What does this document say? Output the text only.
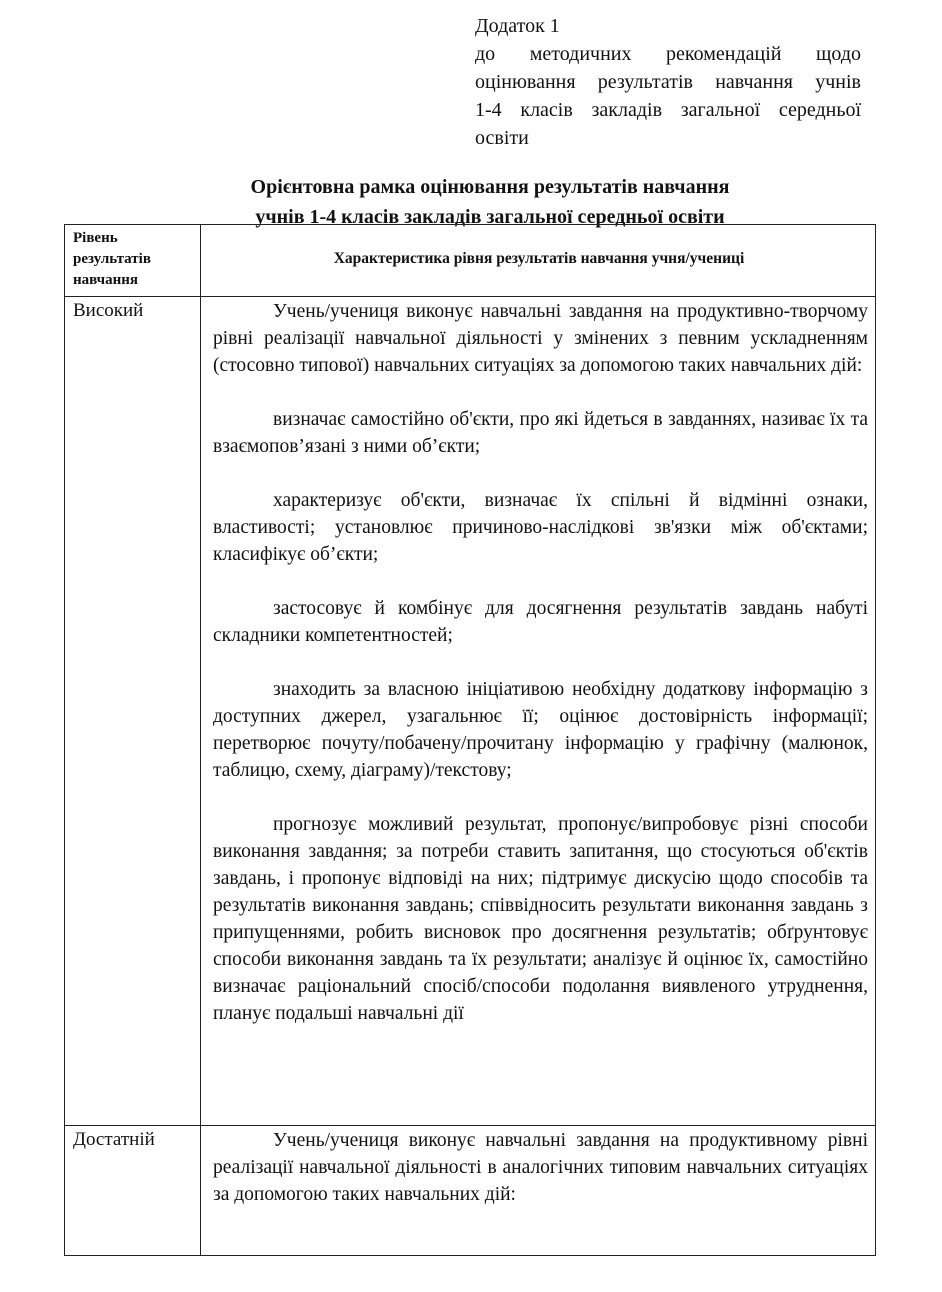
Додаток 1
до методичних рекомендацій щодо
оцінювання результатів навчання учнів
1-4 класів закладів загальної середньої
освіти
Орієнтовна рамка оцінювання результатів навчання
учнів 1-4 класів закладів загальної середньої освіти
Рівень
результатів
навчання
Характеристика рівня результатів навчання учня/учениці
Високий	Учень/учениця виконує навчальні завдання на продуктивно-творчому рівні реалізації навчальної діяльності у змінених з певним ускладненням (стосовно типової) навчальних ситуаціях за допомогою таких навчальних дій:

визначає самостійно об'єкти, про які йдеться в завданнях, називає їх та взаємопов’язані з ними об’єкти;

характеризує об'єкти, визначає їх спільні й відмінні ознаки, властивості; установлює причиново-наслідкові зв'язки між об'єктами; класифікує об’єкти;

застосовує й комбінує для досягнення результатів завдань набуті складники компетентностей;

знаходить за власною ініціативою необхідну додаткову інформацію з доступних джерел, узагальнює її; оцінює достовірність інформації; перетворює почуту/побачену/прочитану інформацію у графічну (малюнок, таблицю, схему, діаграму)/текстову;

прогнозує можливий результат, пропонує/випробовує різні способи виконання завдання; за потреби ставить запитання, що стосуються об'єктів завдань, і пропонує відповіді на них; підтримує дискусію щодо способів та результатів виконання завдань; співвідносить результати виконання завдань з припущеннями, робить висновок про досягнення результатів; обґрунтовує способи виконання завдань та їх результати; аналізує й оцінює їх, самостійно визначає раціональний спосіб/способи подолання виявленого утруднення, планує подальші навчальні дії

Достатній	Учень/учениця виконує навчальні завдання на продуктивному рівні реалізації навчальної діяльності в аналогічних типовим навчальних ситуаціях за допомогою таких навчальних дій:
